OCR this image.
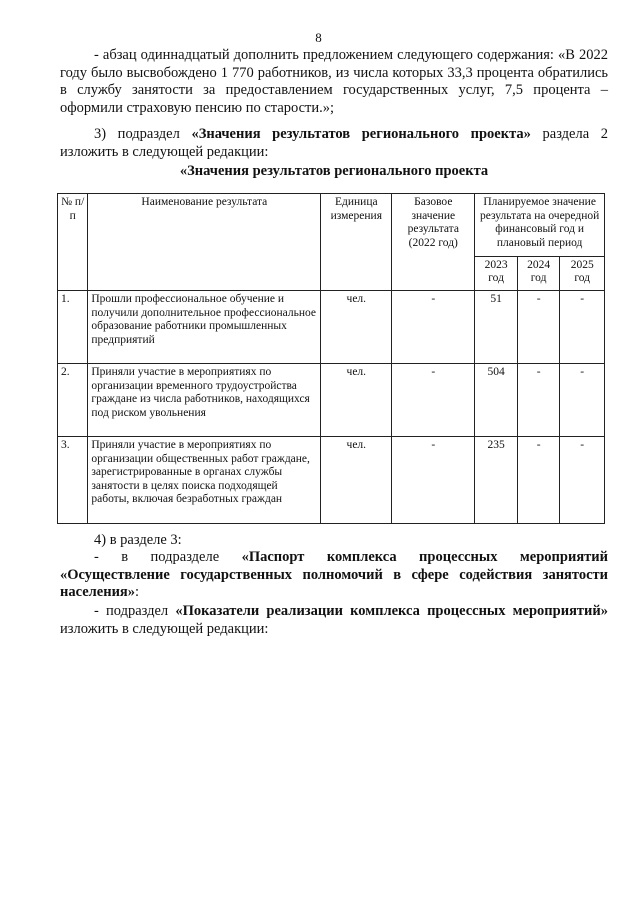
8
- абзац одиннадцатый дополнить предложением следующего содержания: «В 2022 году было высвобождено 1 770 работников, из числа которых 33,3 процента обратились в службу занятости за предоставлением государственных услуг, 7,5 процента – оформили страховую пенсию по старости.»;
3) подраздел «Значения результатов регионального проекта» раздела 2 изложить в следующей редакции:
«Значения результатов регионального проекта
№ п/п	Наименование результата	Единица измерения	Базовое значение результата (2022 год)	Планируемое значение результата на очередной финансовый год и плановый период		
				2023 год	2024 год	2025 год
1.	Прошли профессиональное обучение и получили дополнительное профессиональное образование работники промышленных предприятий	чел.	-	51	-	-
2.	Приняли участие в мероприятиях по организации временного трудоустройства граждане из числа работников, находящихся под риском увольнения	чел.	-	504	-	-
3.	Приняли участие в мероприятиях по организации общественных работ граждане, зарегистрированные в органах службы занятости в целях поиска подходящей работы, включая безработных граждан	чел.	-	235	-	-
4) в разделе 3:
- в подразделе «Паспорт комплекса процессных мероприятий «Осуществление государственных полномочий в сфере содействия занятости населения»:
- подраздел «Показатели реализации комплекса процессных мероприятий» изложить в следующей редакции:
